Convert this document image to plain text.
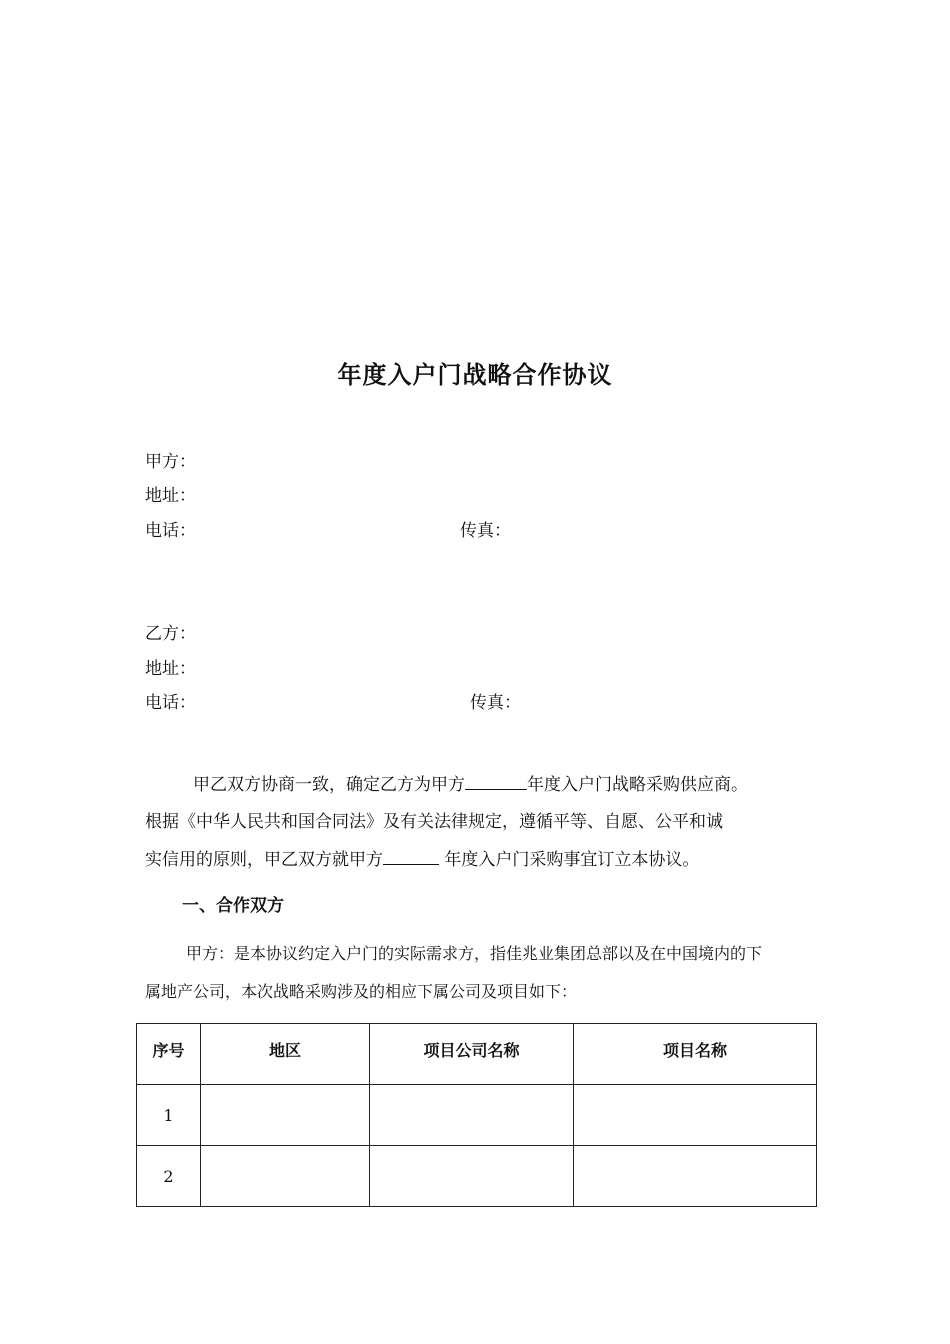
年度入户门战略合作协议
甲方：
地址：
电话：	传真：
乙方：
地址：
电话：	传真：
甲乙双方协商一致，确定乙方为甲方	年度入户门战略采购供应商。
根据《中华人民共和国合同法》及有关法律规定，遵循平等、自愿、公平和诚
实信用的原则，甲乙双方就甲方	年度入户门采购事宜订立本协议。
一、合作双方
甲方：是本协议约定入户门的实际需求方，指佳兆业集团总部以及在中国境内的下
属地产公司，本次战略采购涉及的相应下属公司及项目如下：
序号	地区	项目公司名称	项目名称
1			
2			
